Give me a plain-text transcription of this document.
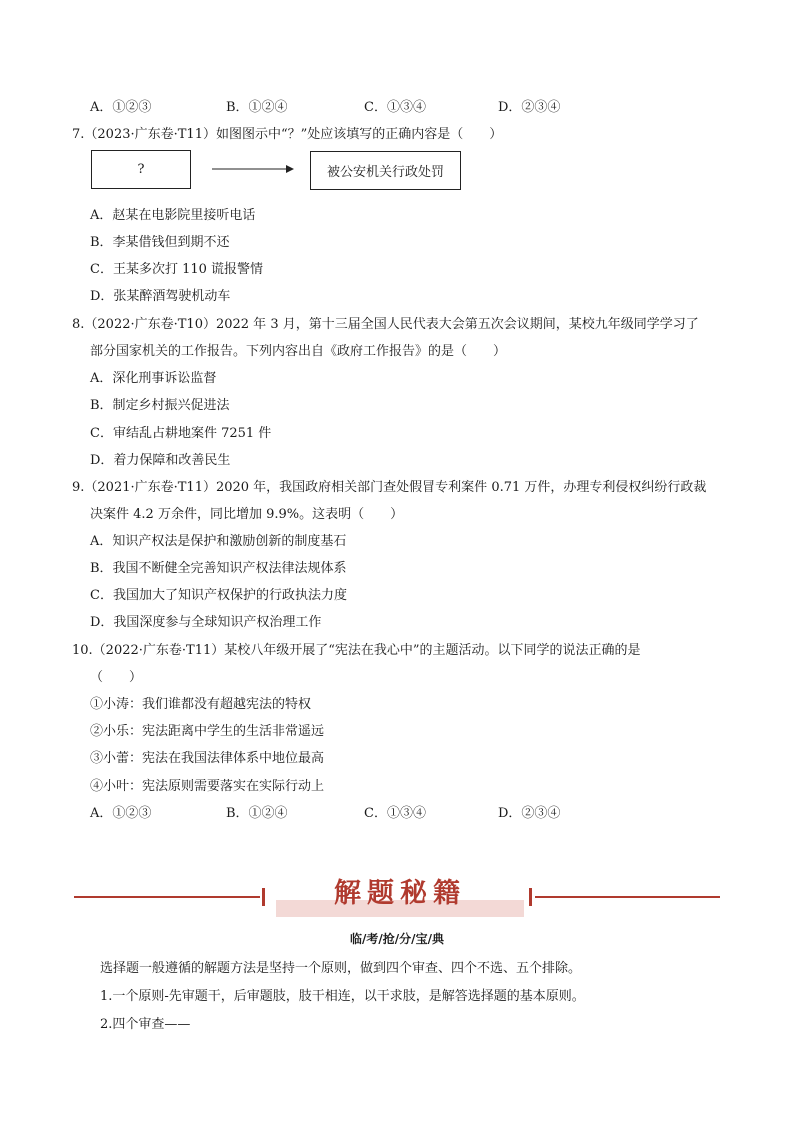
A．①②③	B．①②④	C．①③④	D．②③④
7.（2023·广东卷·T11）如图图示中“？”处应该填写的正确内容是（　　）
?	被公安机关行政处罚
A．赵某在电影院里接听电话
B．李某借钱但到期不还
C．王某多次打 110 谎报警情
D．张某醉酒驾驶机动车
8.（2022·广东卷·T10）2022 年 3 月，第十三届全国人民代表大会第五次会议期间，某校九年级同学学习了
部分国家机关的工作报告。下列内容出自《政府工作报告》的是（　　）
A．深化刑事诉讼监督
B．制定乡村振兴促进法
C．审结乱占耕地案件 7251 件
D．着力保障和改善民生
9.（2021·广东卷·T11）2020 年，我国政府相关部门查处假冒专利案件 0.71 万件，办理专利侵权纠纷行政裁
决案件 4.2 万余件，同比增加 9.9%。这表明（　　）
A．知识产权法是保护和激励创新的制度基石
B．我国不断健全完善知识产权法律法规体系
C．我国加大了知识产权保护的行政执法力度
D．我国深度参与全球知识产权治理工作
10.（2022·广东卷·T11）某校八年级开展了“宪法在我心中”的主题活动。以下同学的说法正确的是
（　　）
①小涛：我们谁都没有超越宪法的特权
②小乐：宪法距离中学生的生活非常遥远
③小蕾：宪法在我国法律体系中地位最高
④小叶：宪法原则需要落实在实际行动上
A．①②③	B．①②④	C．①③④	D．②③④
解题秘籍
临/考/抢/分/宝/典
选择题一般遵循的解题方法是坚持一个原则，做到四个审查、四个不选、五个排除。
1.一个原则-先审题干，后审题肢，肢干相连，以干求肢，是解答选择题的基本原则。
2.四个审查——
